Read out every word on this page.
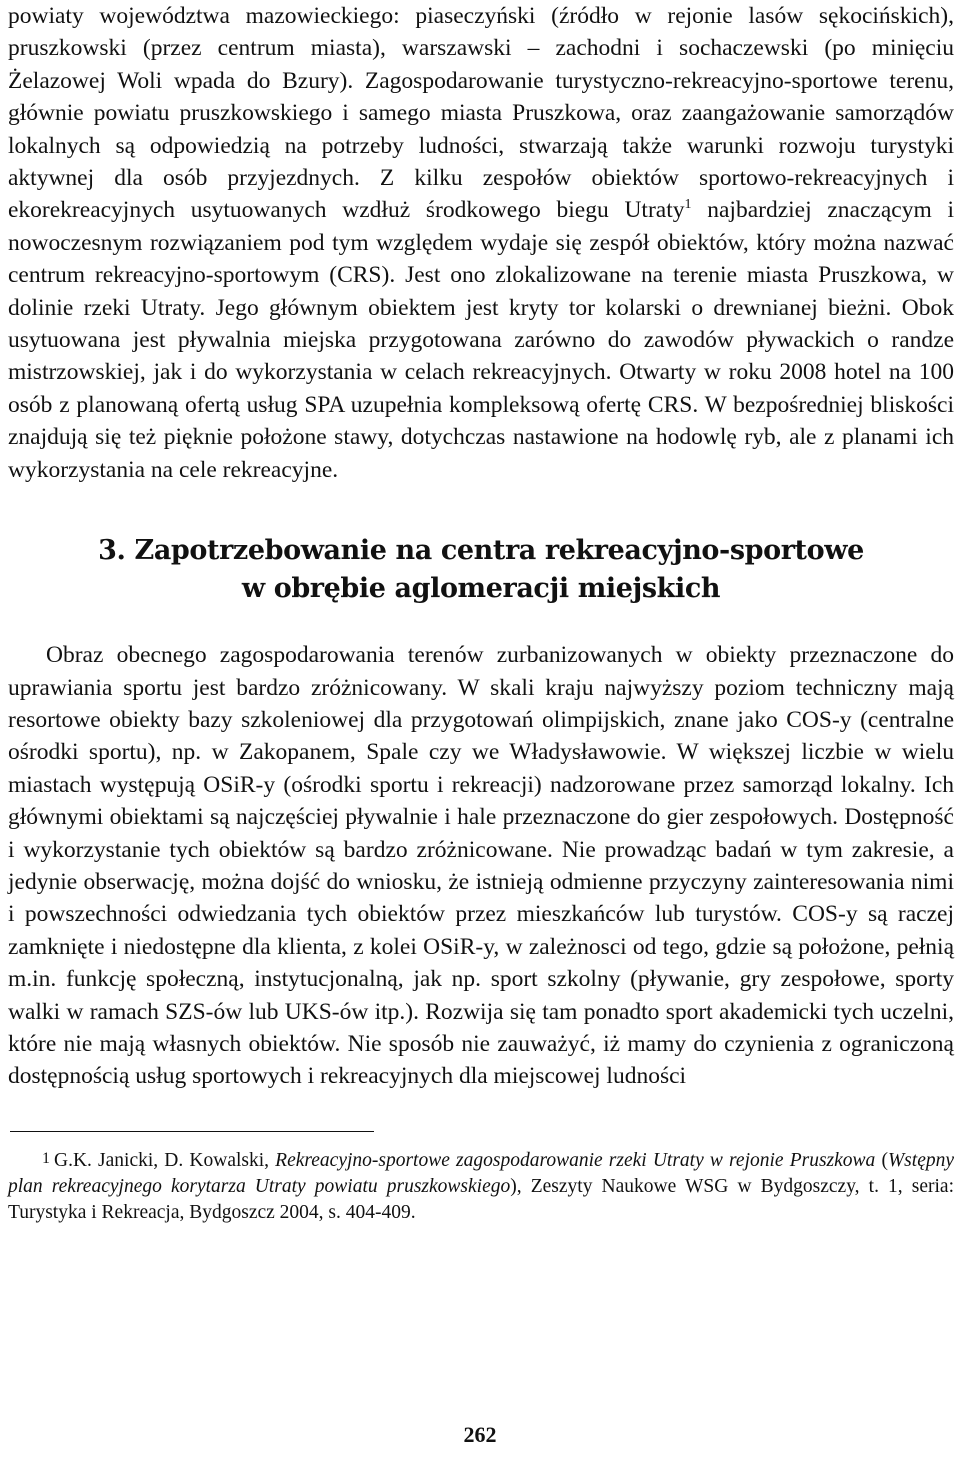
powiaty województwa mazowieckiego: piaseczyński (źródło w rejonie lasów sękocińskich), pruszkowski (przez centrum miasta), warszawski – zachodni i sochaczewski (po minięciu Żelazowej Woli wpada do Bzury). Zagospodarowanie turystyczno-rekreacyjno-sportowe terenu, głównie powiatu pruszkowskiego i samego miasta Pruszkowa, oraz zaangażowanie samorządów lokalnych są odpowiedzią na potrzeby ludności, stwarzają także warunki rozwoju turystyki aktywnej dla osób przyjezdnych. Z kilku zespołów obiektów sportowo-rekreacyjnych i ekorekreacyjnych usytuowanych wzdłuż środkowego biegu Utraty$^1$ najbardziej znaczącym i nowoczesnym rozwiązaniem pod tym względem wydaje się zespół obiektów, który można nazwać centrum rekreacyjno-sportowym (CRS). Jest ono zlokalizowane na terenie miasta Pruszkowa, w dolinie rzeki Utraty. Jego głównym obiektem jest kryty tor kolarski o drewnianej bieżni. Obok usytuowana jest pływalnia miejska przygotowana zarówno do zawodów pływackich o randze mistrzowskiej, jak i do wykorzystania w celach rekreacyjnych. Otwarty w roku 2008 hotel na 100 osób z planowaną ofertą usług SPA uzupełnia kompleksową ofertę CRS. W bezpośredniej bliskości znajdują się też pięknie położone stawy, dotychczas nastawione na hodowlę ryb, ale z planami ich wykorzystania na cele rekreacyjne.

3. Zapotrzebowanie na centra rekreacyjno-sportowe
w obrębie aglomeracji miejskich

Obraz obecnego zagospodarowania terenów zurbanizowanych w obiekty przeznaczone do uprawiania sportu jest bardzo zróżnicowany. W skali kraju najwyższy poziom techniczny mają resortowe obiekty bazy szkoleniowej dla przygotowań olimpijskich, znane jako COS-y (centralne ośrodki sportu), np. w Zakopanem, Spale czy we Władysławowie. W większej liczbie w wielu miastach występują OSiR-y (ośrodki sportu i rekreacji) nadzorowane przez samorząd lokalny. Ich głównymi obiektami są najczęściej pływalnie i hale przeznaczone do gier zespołowych. Dostępność i wykorzystanie tych obiektów są bardzo zróżnicowane. Nie prowadząc badań w tym zakresie, a jedynie obserwację, można dojść do wniosku, że istnieją odmienne przyczyny zainteresowania nimi i powszechności odwiedzania tych obiektów przez mieszkańców lub turystów. COS-y są raczej zamknięte i niedostępne dla klienta, z kolei OSiR-y, w zależnosci od tego, gdzie są położone, pełnią m.in. funkcję społeczną, instytucjonalną, jak np. sport szkolny (pływanie, gry zespołowe, sporty walki w ramach SZS-ów lub UKS-ów itp.). Rozwija się tam ponadto sport akademicki tych uczelni, które nie mają własnych obiektów. Nie sposób nie zauważyć, iż mamy do czynienia z ograniczoną dostępnością usług sportowych i rekreacyjnych dla miejscowej ludności

1 G.K. Janicki, D. Kowalski, Rekreacyjno-sportowe zagospodarowanie rzeki Utraty w rejonie Pruszkowa (Wstępny plan rekreacyjnego korytarza Utraty powiatu pruszkowskiego), Zeszyty Naukowe WSG w Bydgoszczy, t. 1, seria: Turystyka i Rekreacja, Bydgoszcz 2004, s. 404-409.

262
